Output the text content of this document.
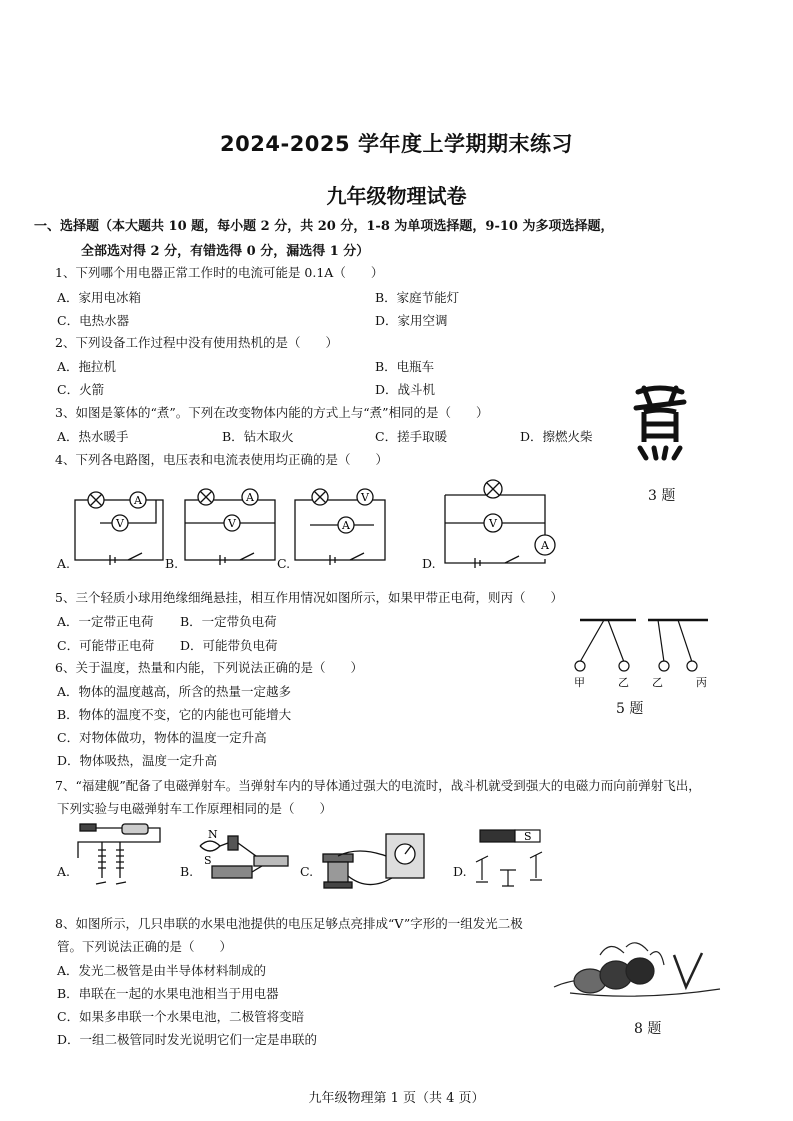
2024-2025 学年度上学期期末练习
九年级物理试卷
一、选择题（本大题共 10 题，每小题 2 分，共 20 分，1-8 为单项选择题，9-10 为多项选择题，
全部选对得 2 分，有错选得 0 分，漏选得 1 分）
1、下列哪个用电器正常工作时的电流可能是 0.1A（　　）
A．家用电冰箱	B．家庭节能灯
C．电热水器	D．家用空调
2、下列设备工作过程中没有使用热机的是（　　）
A．拖拉机	B．电瓶车
C．火箭	D．战斗机
3、如图是篆体的“煮”。下列在改变物体内能的方式上与“煮”相同的是（　　）
A．热水暖手	B．钻木取火	C．搓手取暖	D．擦燃火柴
3 题
4、下列各电路图，电压表和电流表使用均正确的是（　　）
A
V
A.
A
V
B.
V
A
C.
V
A
D.
5、三个轻质小球用绝缘细绳悬挂，相互作用情况如图所示，如果甲带正电荷，则丙（　　）
A．一定带正电荷 B．一定带负电荷
C．可能带正电荷 D．可能带负电荷
甲	乙 乙	丙
5 题
6、关于温度，热量和内能，下列说法正确的是（　　）
A．物体的温度越高，所含的热量一定越多
B．物体的温度不变，它的内能也可能增大
C．对物体做功，物体的温度一定升高
D．物体吸热，温度一定升高
7、“福建舰”配备了电磁弹射车。当弹射车内的导体通过强大的电流时，战斗机就受到强大的电磁力而向前弹射飞出，
下列实验与电磁弹射车工作原理相同的是（　　）
A.
N
S
B.	C.
S
D.
8、如图所示，几只串联的水果电池提供的电压足够点亮排成“V”字形的一组发光二极
管。下列说法正确的是（　　）
A．发光二极管是由半导体材料制成的
B．串联在一起的水果电池相当于用电器
C．如果多串联一个水果电池，二极管将变暗
D．一组二极管同时发光说明它们一定是串联的
8 题
九年级物理第 1 页（共 4 页）
